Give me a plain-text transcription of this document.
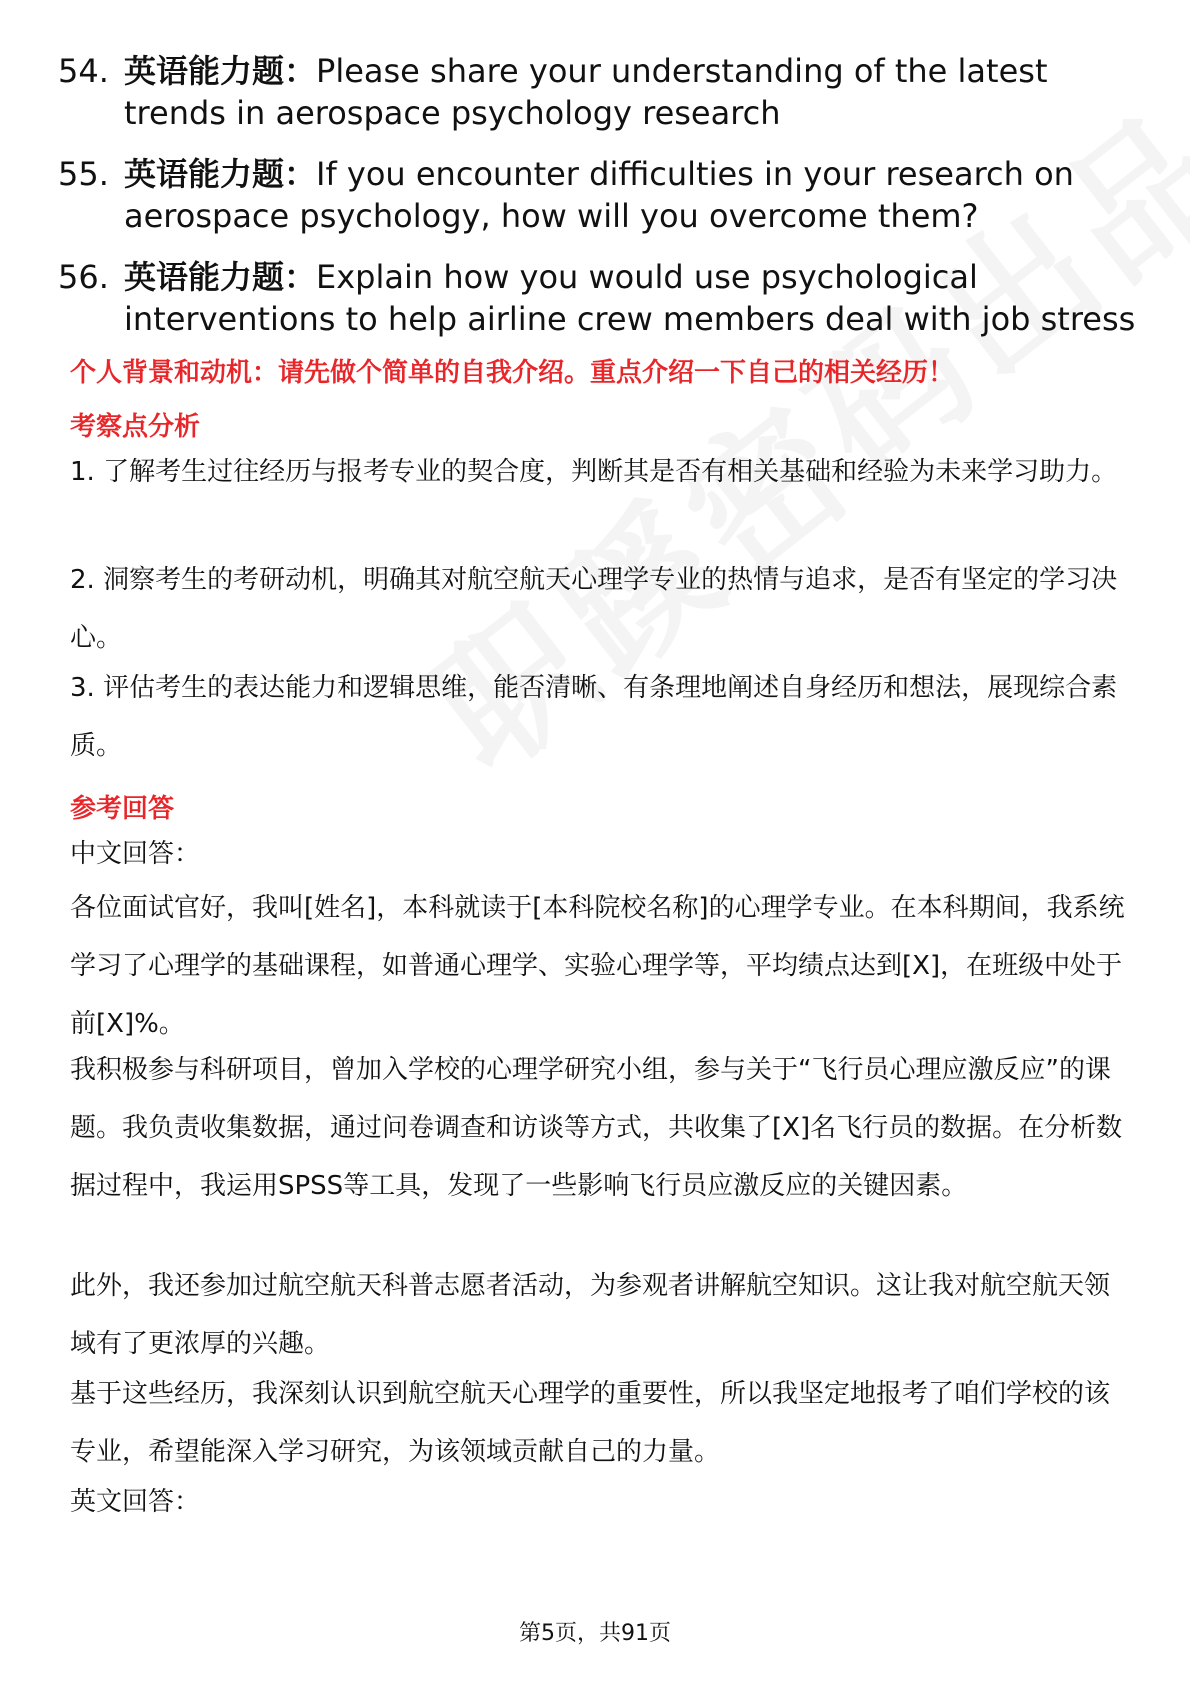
54. 英语能力题：Please share your understanding of the latest trends in aerospace psychology research
55. 英语能力题：If you encounter difficulties in your research on aerospace psychology, how will you overcome them?
56. 英语能力题：Explain how you would use psychological interventions to help airline crew members deal with job stress
个人背景和动机：请先做个简单的自我介绍。重点介绍一下自己的相关经历！
考察点分析

1. 了解考生过往经历与报考专业的契合度，判断其是否有相关基础和经验为未来学习助力。

2. 洞察考生的考研动机，明确其对航空航天心理学专业的热情与追求，是否有坚定的学习决心。

3. 评估考生的表达能力和逻辑思维，能否清晰、有条理地阐述自身经历和想法，展现综合素质。

参考回答

中文回答：

各位面试官好，我叫[姓名]，本科就读于[本科院校名称]的心理学专业。在本科期间，我系统学习了心理学的基础课程，如普通心理学、实验心理学等，平均绩点达到[X]，在班级中处于前[X]%。

我积极参与科研项目，曾加入学校的心理学研究小组，参与关于“飞行员心理应激反应”的课题。我负责收集数据，通过问卷调查和访谈等方式，共收集了[X]名飞行员的数据。在分析数据过程中，我运用SPSS等工具，发现了一些影响飞行员应激反应的关键因素。

此外，我还参加过航空航天科普志愿者活动，为参观者讲解航空知识。这让我对航空航天领域有了更浓厚的兴趣。

基于这些经历，我深刻认识到航空航天心理学的重要性，所以我坚定地报考了咱们学校的该专业，希望能深入学习研究，为该领域贡献自己的力量。

英文回答：

第5页，共91页
